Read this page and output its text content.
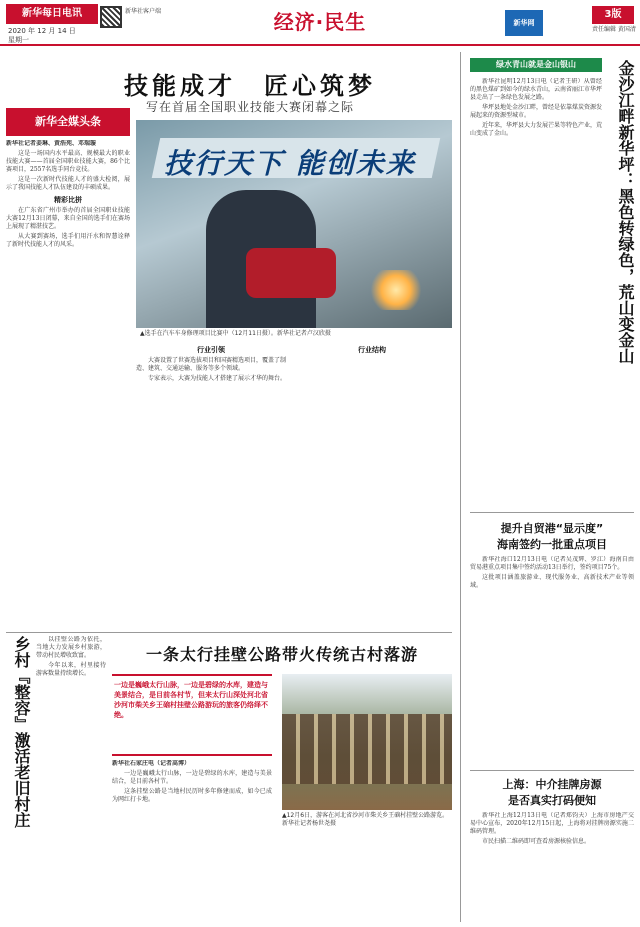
新华每日电讯
2020 年 12 月 14 日
星期一
新华社客户端	经济·民生	新华网 NEWS
3版
责任编辑 黄国清
技能成才　匠心筑梦
写在首届全国职业技能大赛闭幕之际
新华全媒头条
技行天下 能创未来
▲选手在汽车车身修理项目比赛中（12月11日摄）。新华社记者卢汉欣摄

新华社记者姜琳、黄浩苑、邓瑞璇

这是一场国内水平最高、规模最大的职业技能大赛——首届全国职业技能大赛，86个比赛项目，2557名选手同台竞技。

这是一次新时代技能人才的盛大检阅，展示了我国技能人才队伍建设的丰硕成果。

精彩比拼

在广东省广州市举办的首届全国职业技能大赛12月13日闭幕，来自全国的选手们在赛场上展现了精湛技艺。

从大赛到赛场，选手们用汗水和智慧诠释了新时代技能人才的风采。

行业引领

大赛设置了世赛选拔项目和国赛精选项目，覆盖了制造、建筑、交通运输、服务等多个领域。

专家表示，大赛为技能人才搭建了展示才华的舞台。

行业结构

乡村『整容』激活老旧村庄	一条太行挂壁公路带火传统古村落游
一边是巍峨太行山脉，一边是碧绿的水库，建造与美景结合，是目前各村节，但来太行山深处河北省沙河市柴关乡王硇村挂壁公路游玩的旅客仍络绎不绝。
▲12月6日，游客在河北省沙河市柴关乡王硇村挂壁公路游览。新华社记者杨世尧摄

新华社石家庄电（记者高博）

一边是巍峨太行山脉，一边是碧绿的水库，建造与美景结合，是目前各村节。

这条挂壁公路是当地村民历时多年修建而成，如今已成为网红打卡地。

以挂壁公路为依托，当地大力发展乡村旅游，带动村民增收致富。

今年以来，村里接待游客数量持续增长。

绿水青山就是金山银山	金沙江畔新华坪：黑色转绿色，荒山变金山

新华社昆明12月13日电（记者王研）从曾经的黑色煤矿到如今的绿水青山，云南省丽江市华坪县走出了一条绿色发展之路。

华坪县地处金沙江畔，曾经是依靠煤炭资源发展起来的资源型城市。

近年来，华坪县大力发展芒果等特色产业，荒山变成了金山。

提升自贸港“显示度”
海南签约一批重点项目

新华社海口12月13日电（记者吴茂辉、罗江）海南自由贸易港重点项目集中签约活动13日举行，签约项目75个。

这批项目涵盖旅游业、现代服务业、高新技术产业等领域。

上海：中介挂牌房源
是否真实打码便知

新华社上海12月13日电（记者郑钧天）上海市房地产交易中心宣布，2020年12月15日起，上海将对挂牌房源实施二维码管理。

市民扫描二维码即可查看房源核验信息。
